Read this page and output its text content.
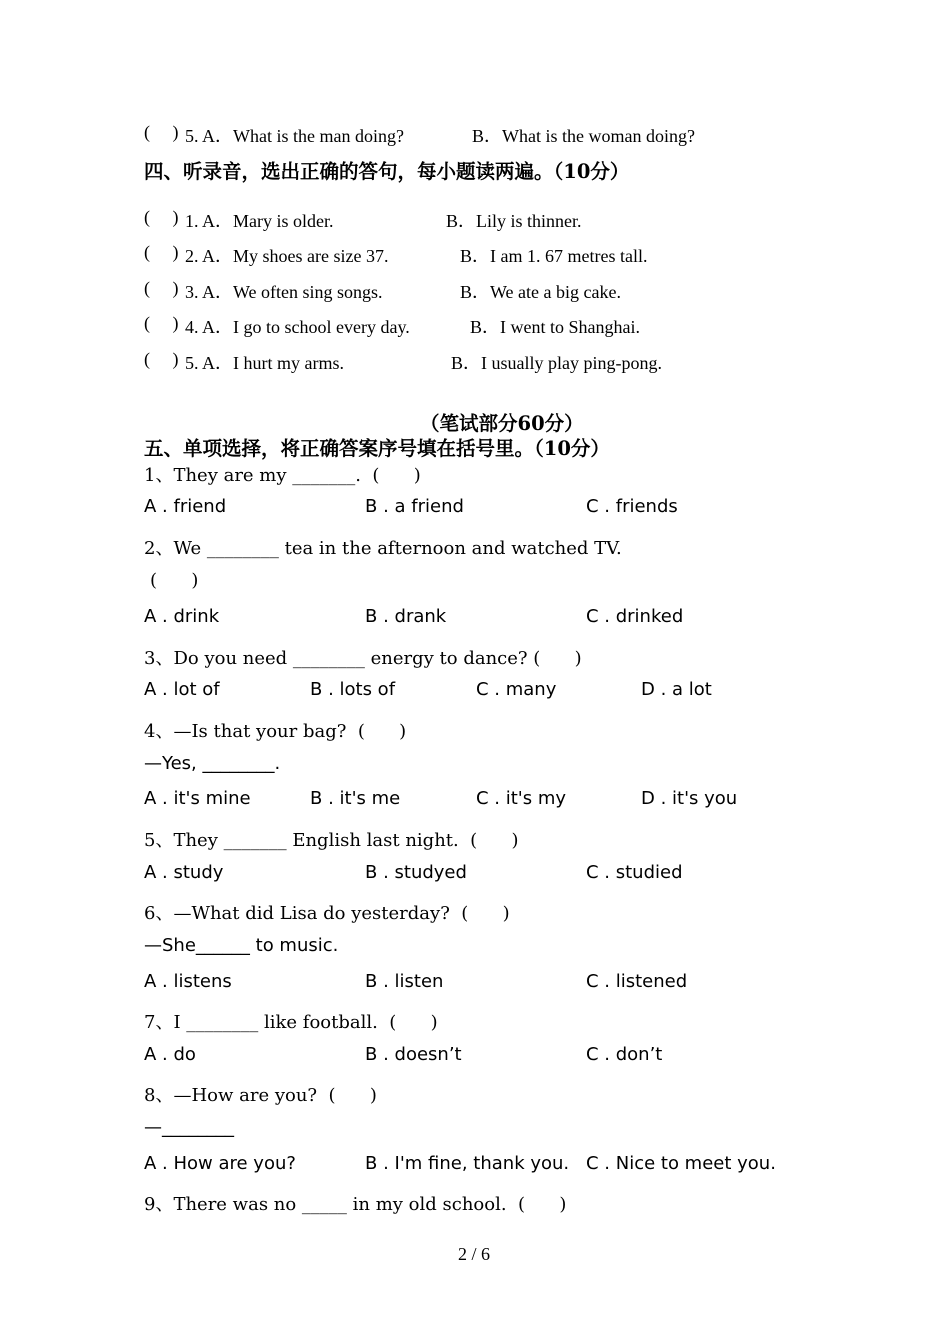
(     ) 5. A．What is the man doing?	B．What is the woman doing?
四、听录音，选出正确的答句，每小题读两遍。（10分）
(     ) 1. A．Mary is older.	B．Lily is thinner.
(     ) 2. A．My shoes are size 37.	B．I am 1. 67 metres tall.
(     ) 3. A．We often sing songs.	B．We ate a big cake.
(     ) 4. A．I go to school every day.	B．I went to Shanghai.
(     ) 5. A．I hurt my arms.	B．I usually play ping-pong.
（笔试部分60分）
五、单项选择，将正确答案序号填在括号里。（10分）
1、They are my _______.  (      )
A . friend	B . a friend	C . friends
2、We ________ tea in the afternoon and watched TV.
(      )
A . drink	B . drank	C . drinked
3、Do you need ________ energy to dance? (      )
A . lot of	B . lots of	C . many	D . a lot
4、—Is that your bag?  (      )
—Yes, ________.
A . it's mine	B . it's me	C . it's my	D . it's you
5、They _______ English last night.  (      )
A . study	B . studyed	C . studied
6、—What did Lisa do yesterday?  (      )
—She______ to music.
A . listens	B . listen	C . listened
7、I ________ like football.  (      )
A . do	B . doesn’t	C . don’t
8、—How are you?  (      )
—________
A . How are you?	B . I'm fine, thank you. C . Nice to meet you.
9、There was no _____ in my old school.  (      )
2 / 6
